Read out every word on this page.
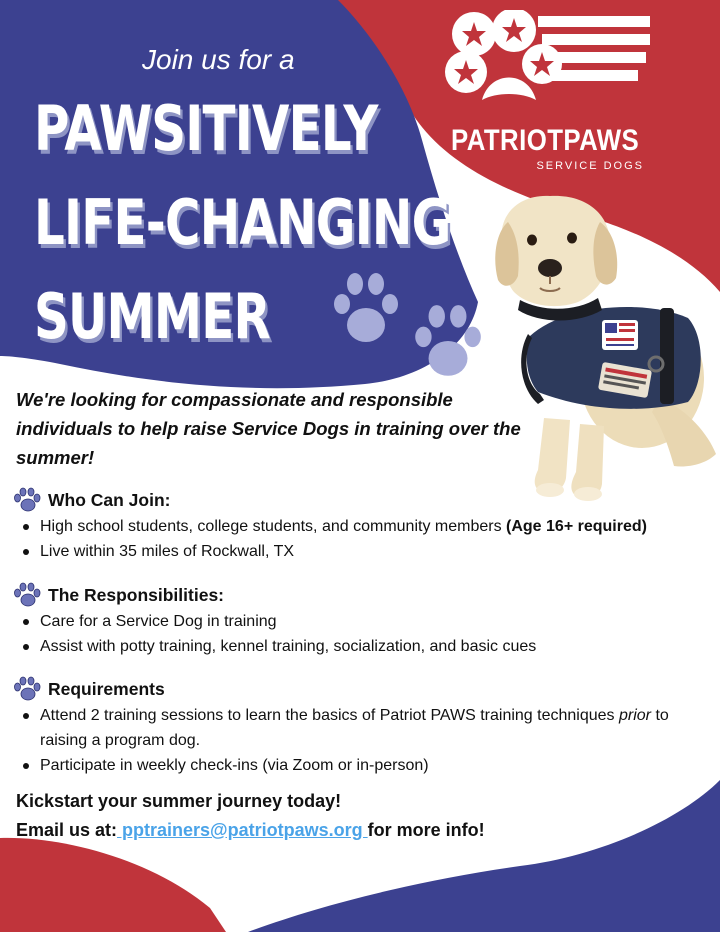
Join us for a

PAWSITIVELY
LIFE-CHANGING
SUMMER
PATRIOTPAWS
SERVICE DOGS

We're looking for compassionate and responsible individuals to help raise Service Dogs in training over the summer!

Who Can Join:
High school students, college students, and community members (Age 16+ required)
Live within 35 miles of Rockwall, TX
The Responsibilities:
Care for a Service Dog in training
Assist with potty training, kennel training, socialization, and basic cues
Requirements
Attend 2 training sessions to learn the basics of Patriot PAWS training techniques prior to raising a program dog.
Participate in weekly check-ins (via Zoom or in-person)

Kickstart your summer journey today!

Email us at: pptrainers@patriotpaws.org for more info!
